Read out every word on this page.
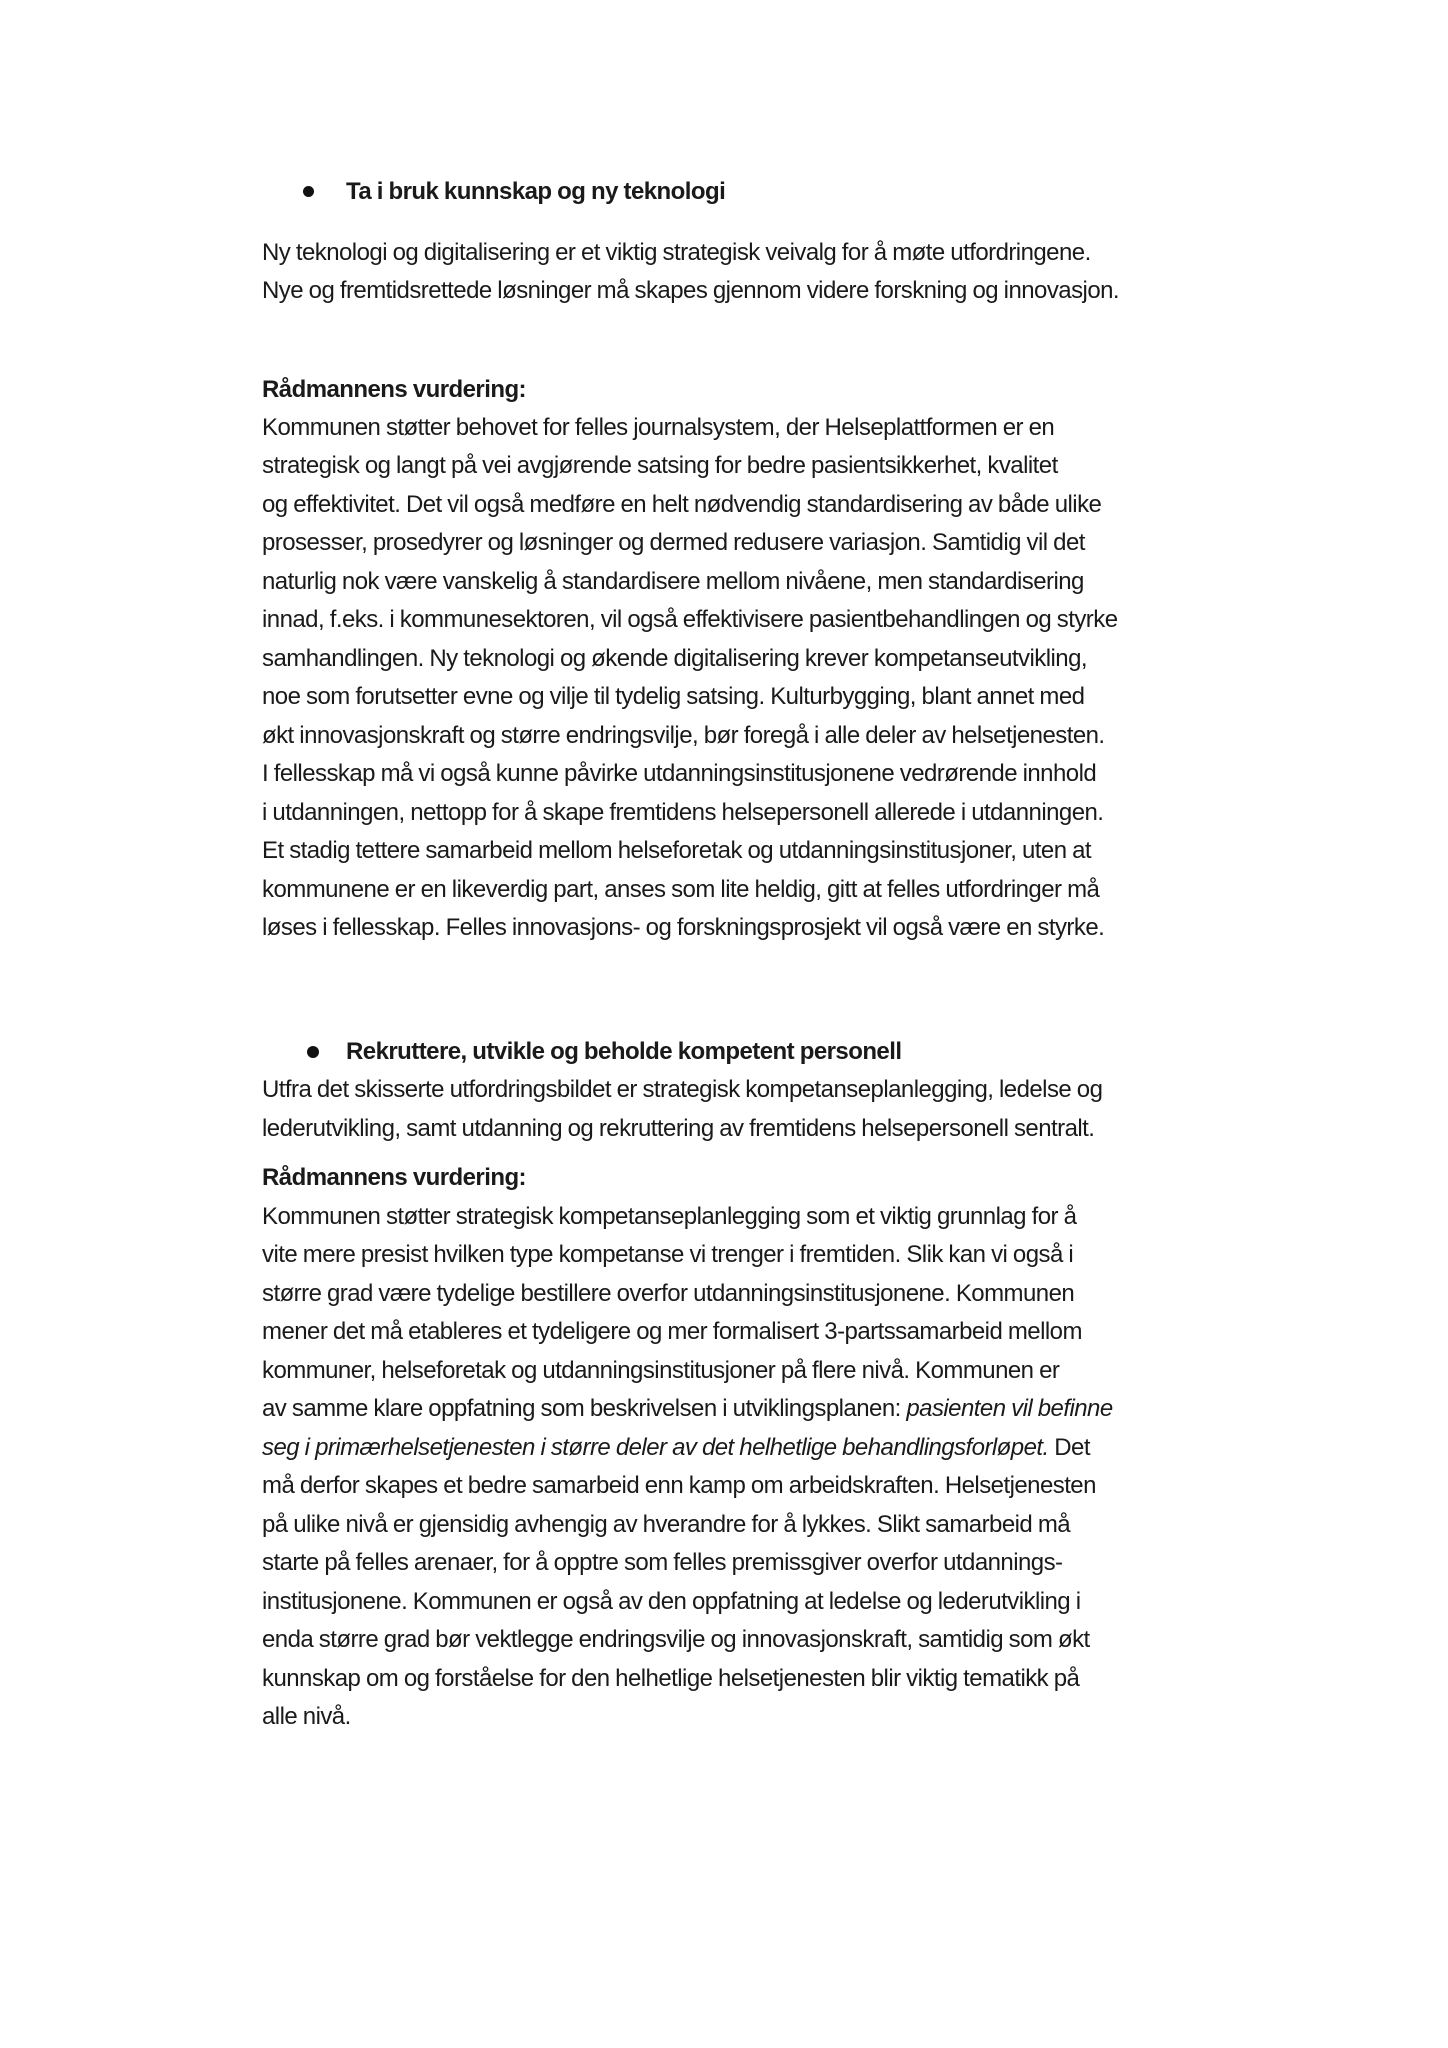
Ta i bruk kunnskap og ny teknologi
Ny teknologi og digitalisering er et viktig strategisk veivalg for å møte utfordringene.
Nye og fremtidsrettede løsninger må skapes gjennom videre forskning og innovasjon.
Rådmannens vurdering:
Kommunen støtter behovet for felles journalsystem, der Helseplattformen er en
strategisk og langt på vei avgjørende satsing for bedre pasientsikkerhet, kvalitet
og effektivitet. Det vil også medføre en helt nødvendig standardisering av både ulike
prosesser, prosedyrer og løsninger og dermed redusere variasjon. Samtidig vil det
naturlig nok være vanskelig å standardisere mellom nivåene, men standardisering
innad, f.eks. i kommunesektoren, vil også effektivisere pasientbehandlingen og styrke
samhandlingen. Ny teknologi og økende digitalisering krever kompetanseutvikling,
noe som forutsetter evne og vilje til tydelig satsing. Kulturbygging, blant annet med
økt innovasjonskraft og større endringsvilje, bør foregå i alle deler av helsetjenesten.
I fellesskap må vi også kunne påvirke utdanningsinstitusjonene vedrørende innhold
i utdanningen, nettopp for å skape fremtidens helsepersonell allerede i utdanningen.
Et stadig tettere samarbeid mellom helseforetak og utdanningsinstitusjoner, uten at
kommunene er en likeverdig part, anses som lite heldig, gitt at felles utfordringer må
løses i fellesskap. Felles innovasjons- og forskningsprosjekt vil også være en styrke.
Rekruttere, utvikle og beholde kompetent personell
Utfra det skisserte utfordringsbildet er strategisk kompetanseplanlegging, ledelse og
lederutvikling, samt utdanning og rekruttering av fremtidens helsepersonell sentralt.
Rådmannens vurdering:
Kommunen støtter strategisk kompetanseplanlegging som et viktig grunnlag for å
vite mere presist hvilken type kompetanse vi trenger i fremtiden. Slik kan vi også i
større grad være tydelige bestillere overfor utdanningsinstitusjonene. Kommunen
mener det må etableres et tydeligere og mer formalisert 3-partssamarbeid mellom
kommuner, helseforetak og utdanningsinstitusjoner på flere nivå. Kommunen er
av samme klare oppfatning som beskrivelsen i utviklingsplanen: pasienten vil befinne
seg i primærhelsetjenesten i større deler av det helhetlige behandlingsforløpet. Det
må derfor skapes et bedre samarbeid enn kamp om arbeidskraften. Helsetjenesten
på ulike nivå er gjensidig avhengig av hverandre for å lykkes. Slikt samarbeid må
starte på felles arenaer, for å opptre som felles premissgiver overfor utdannings-
institusjonene. Kommunen er også av den oppfatning at ledelse og lederutvikling i
enda større grad bør vektlegge endringsvilje og innovasjonskraft, samtidig som økt
kunnskap om og forståelse for den helhetlige helsetjenesten blir viktig tematikk på
alle nivå.
